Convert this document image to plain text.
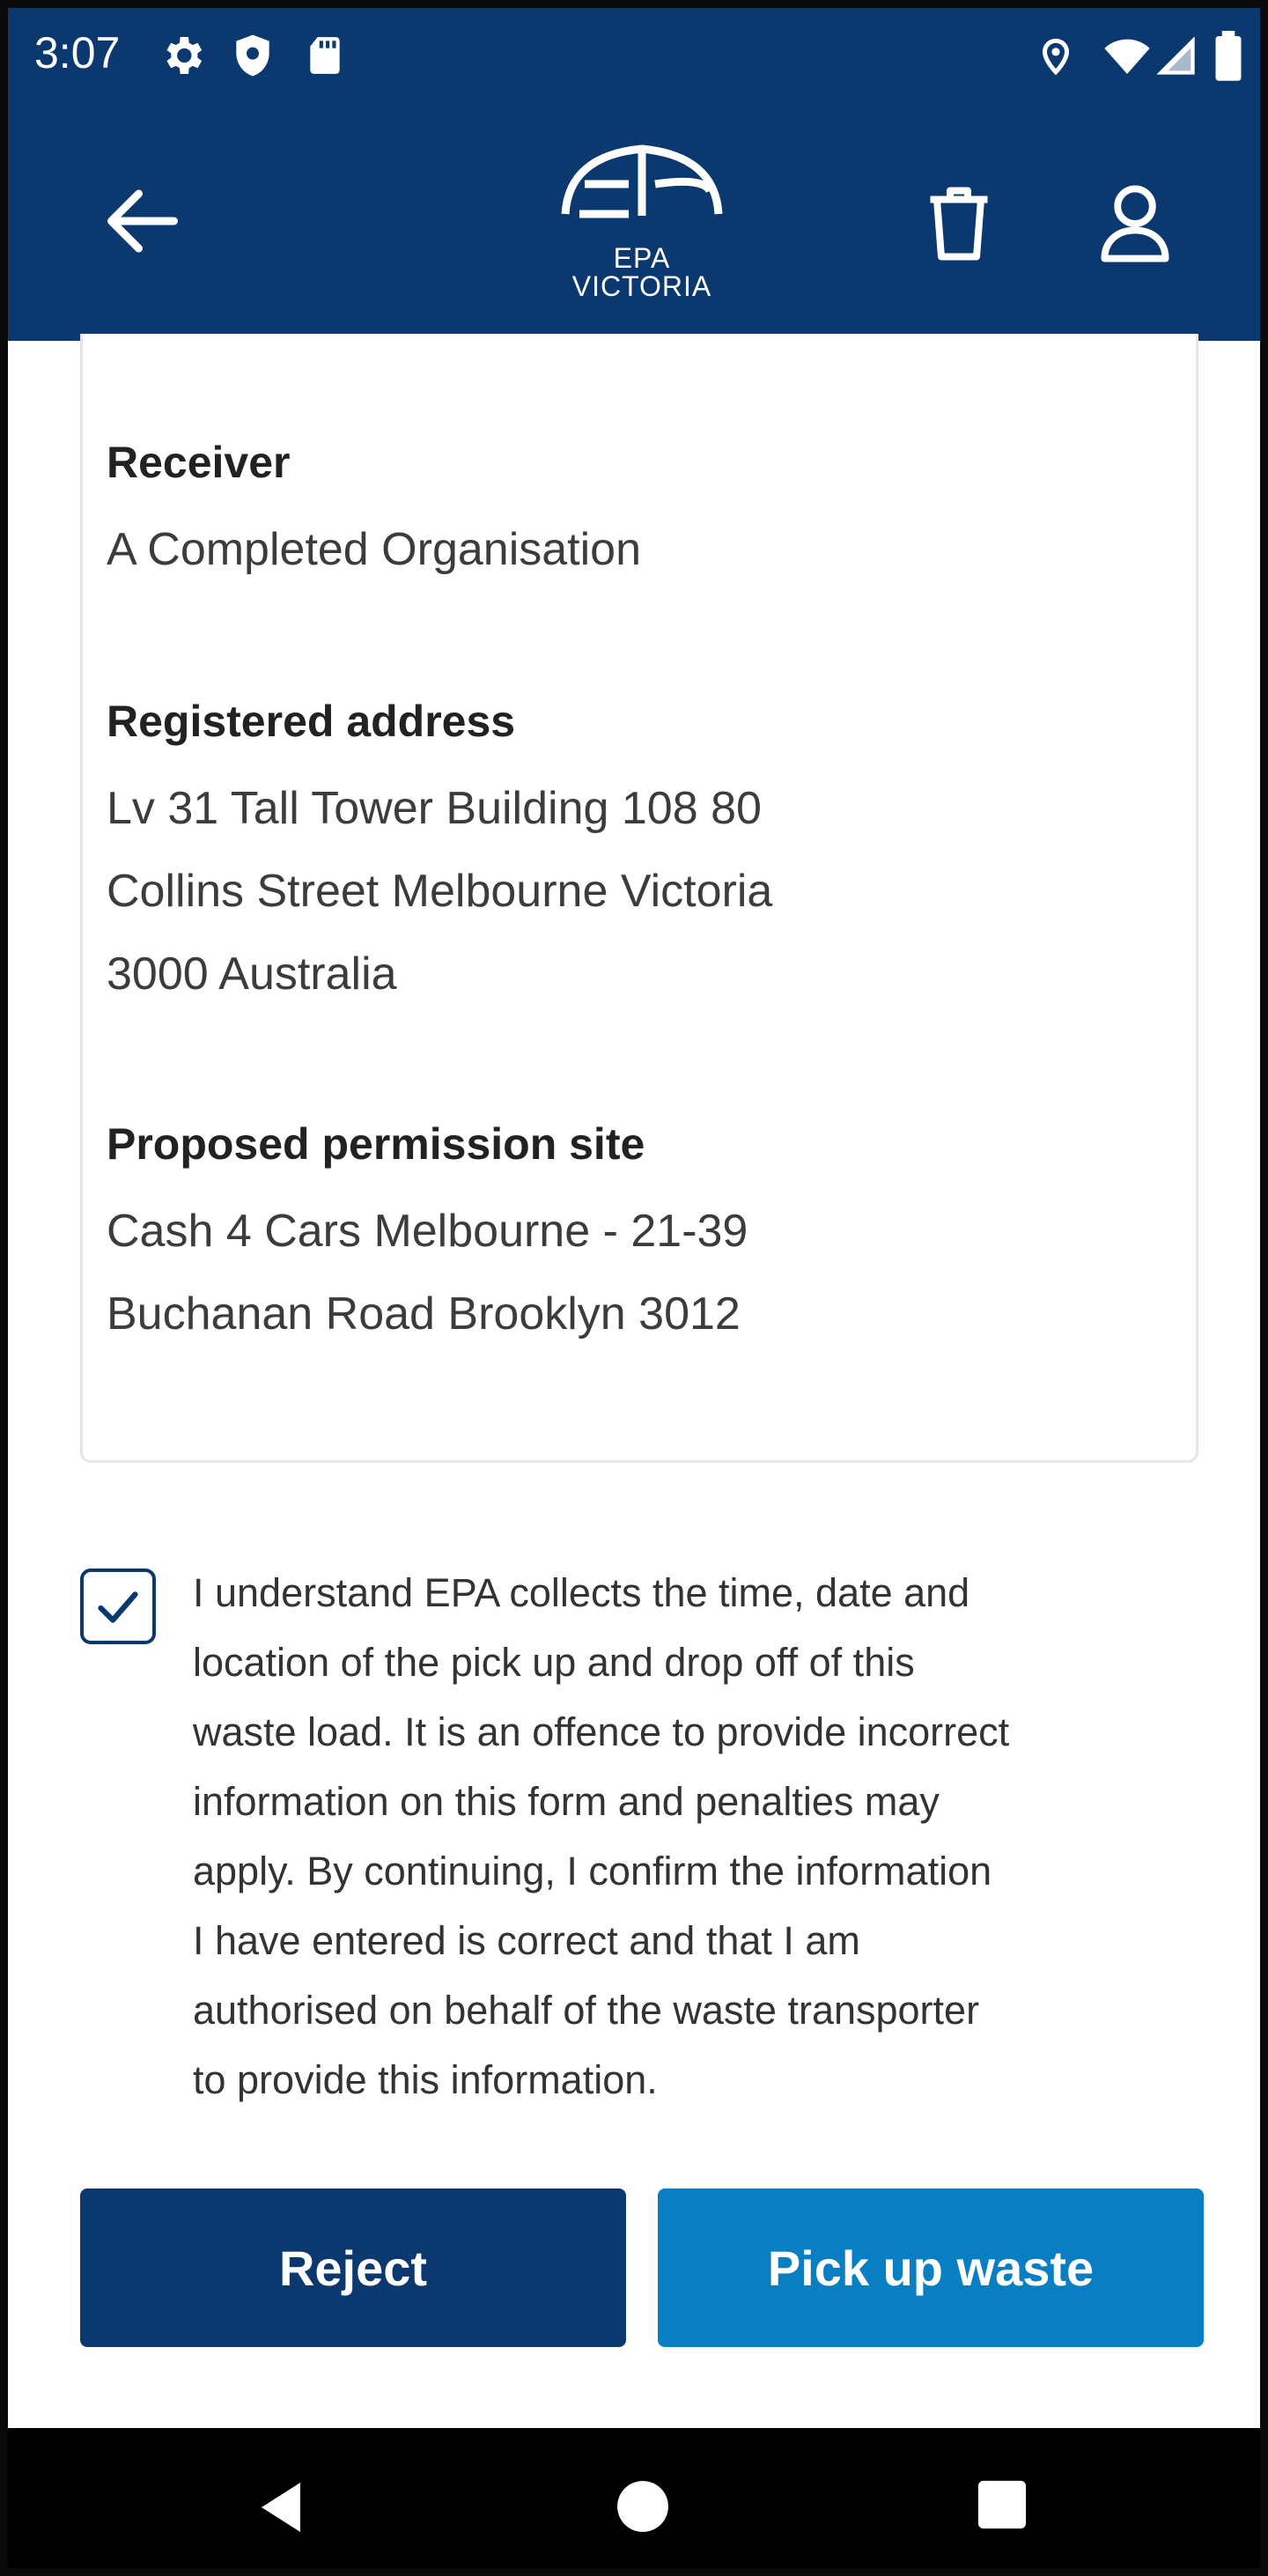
3:07
EPA
VICTORIA
Receiver
A Completed Organisation
Registered address
Lv 31 Tall Tower Building 108 80
Collins Street Melbourne Victoria
3000 Australia
Proposed permission site
Cash 4 Cars Melbourne - 21-39
Buchanan Road Brooklyn 3012
I understand EPA collects the time, date and
location of the pick up and drop off of this
waste load. It is an offence to provide incorrect
information on this form and penalties may
apply. By continuing, I confirm the information
I have entered is correct and that I am
authorised on behalf of the waste transporter
to provide this information.
Reject	Pick up waste
